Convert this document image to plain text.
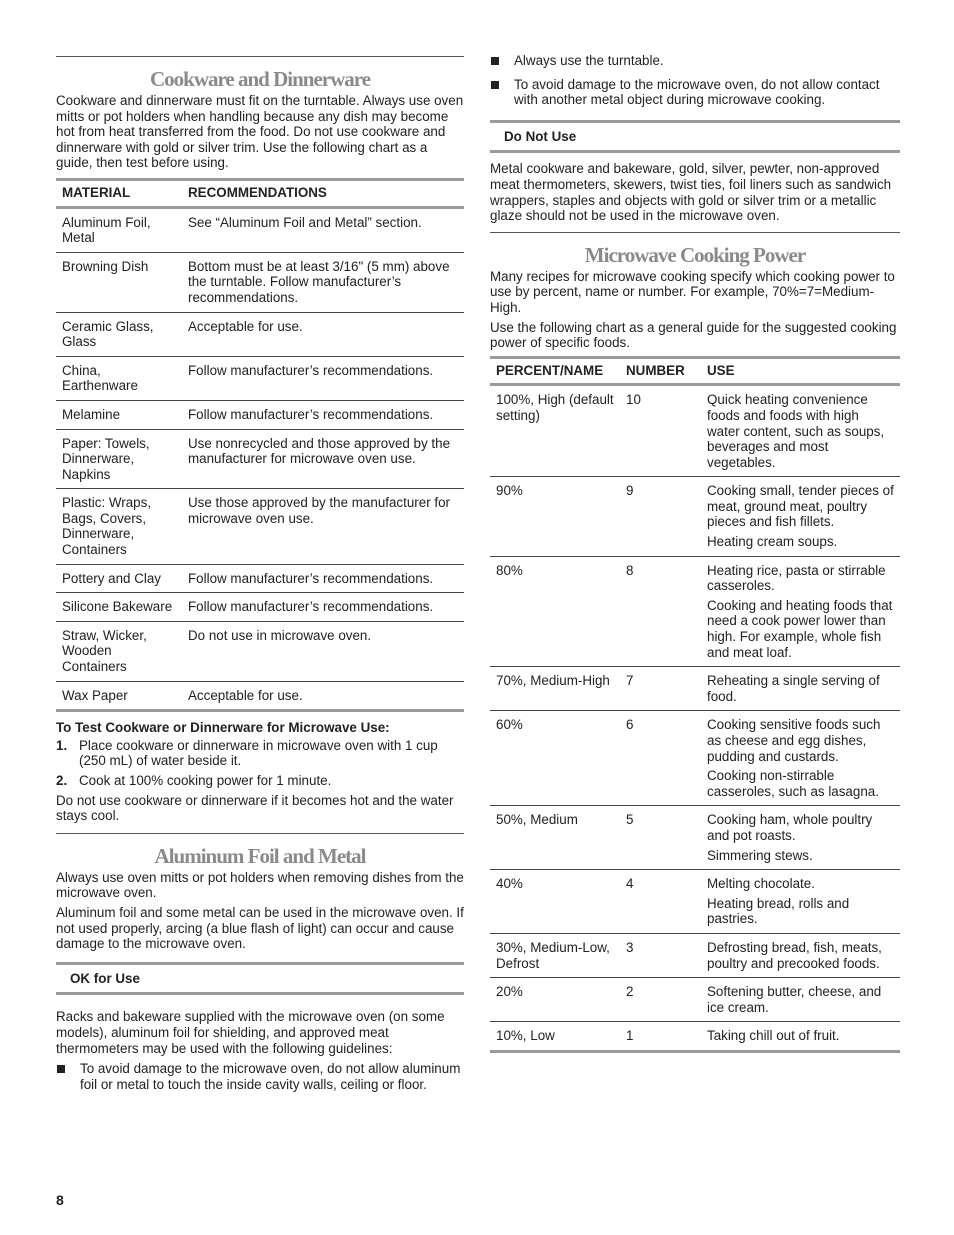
Cookware and Dinnerware

Cookware and dinnerware must fit on the turntable. Always use oven mitts or pot holders when handling because any dish may become hot from heat transferred from the food. Do not use cookware and dinnerware with gold or silver trim. Use the following chart as a guide, then test before using.

MATERIAL	RECOMMENDATIONS
Aluminum Foil, Metal	See “Aluminum Foil and Metal” section.
Browning Dish	Bottom must be at least 3/16" (5 mm) above the turntable. Follow manufacturer’s recommendations.
Ceramic Glass, Glass	Acceptable for use.
China, Earthenware	Follow manufacturer’s recommendations.
Melamine	Follow manufacturer’s recommendations.
Paper: Towels, Dinnerware, Napkins	Use nonrecycled and those approved by the manufacturer for microwave oven use.
Plastic: Wraps, Bags, Covers, Dinnerware, Containers	Use those approved by the manufacturer for microwave oven use.
Pottery and Clay	Follow manufacturer’s recommendations.
Silicone Bakeware	Follow manufacturer’s recommendations.
Straw, Wicker, Wooden Containers	Do not use in microwave oven.
Wax Paper	Acceptable for use.
To Test Cookware or Dinnerware for Microwave Use:
1. Place cookware or dinnerware in microwave oven with 1 cup (250 mL) of water beside it.
2. Cook at 100% cooking power for 1 minute.

Do not use cookware or dinnerware if it becomes hot and the water stays cool.

Aluminum Foil and Metal

Always use oven mitts or pot holders when removing dishes from the microwave oven.

Aluminum foil and some metal can be used in the microwave oven. If not used properly, arcing (a blue flash of light) can occur and cause damage to the microwave oven.

OK for Use

Racks and bakeware supplied with the microwave oven (on some models), aluminum foil for shielding, and approved meat thermometers may be used with the following guidelines:

To avoid damage to the microwave oven, do not allow aluminum foil or metal to touch the inside cavity walls, ceiling or floor.
Always use the turntable.
To avoid damage to the microwave oven, do not allow contact with another metal object during microwave cooking.
Do Not Use

Metal cookware and bakeware, gold, silver, pewter, non-approved meat thermometers, skewers, twist ties, foil liners such as sandwich wrappers, staples and objects with gold or silver trim or a metallic glaze should not be used in the microwave oven.

Microwave Cooking Power

Many recipes for microwave cooking specify which cooking power to use by percent, name or number. For example, 70%=7=Medium-High.

Use the following chart as a general guide for the suggested cooking power of specific foods.

PERCENT/NAME	NUMBER	USE
100%, High (default setting)	10	Quick heating convenience foods and foods with high water content, such as soups, beverages and most vegetables.

90%	9	Cooking small, tender pieces of meat, ground meat, poultry pieces and fish fillets.
Heating cream soups.

80%	8	Heating rice, pasta or stirrable casseroles.
Cooking and heating foods that need a cook power lower than high. For example, whole fish and meat loaf.

70%, Medium-High	7	Reheating a single serving of food.

60%	6	Cooking sensitive foods such as cheese and egg dishes, pudding and custards.
Cooking non-stirrable casseroles, such as lasagna.

50%, Medium	5	Cooking ham, whole poultry and pot roasts.
Simmering stews.

40%	4	Melting chocolate.
Heating bread, rolls and pastries.

30%, Medium-Low, Defrost	3	Defrosting bread, fish, meats, poultry and precooked foods.

20%	2	Softening butter, cheese, and ice cream.

10%, Low	1	Taking chill out of fruit.
8
